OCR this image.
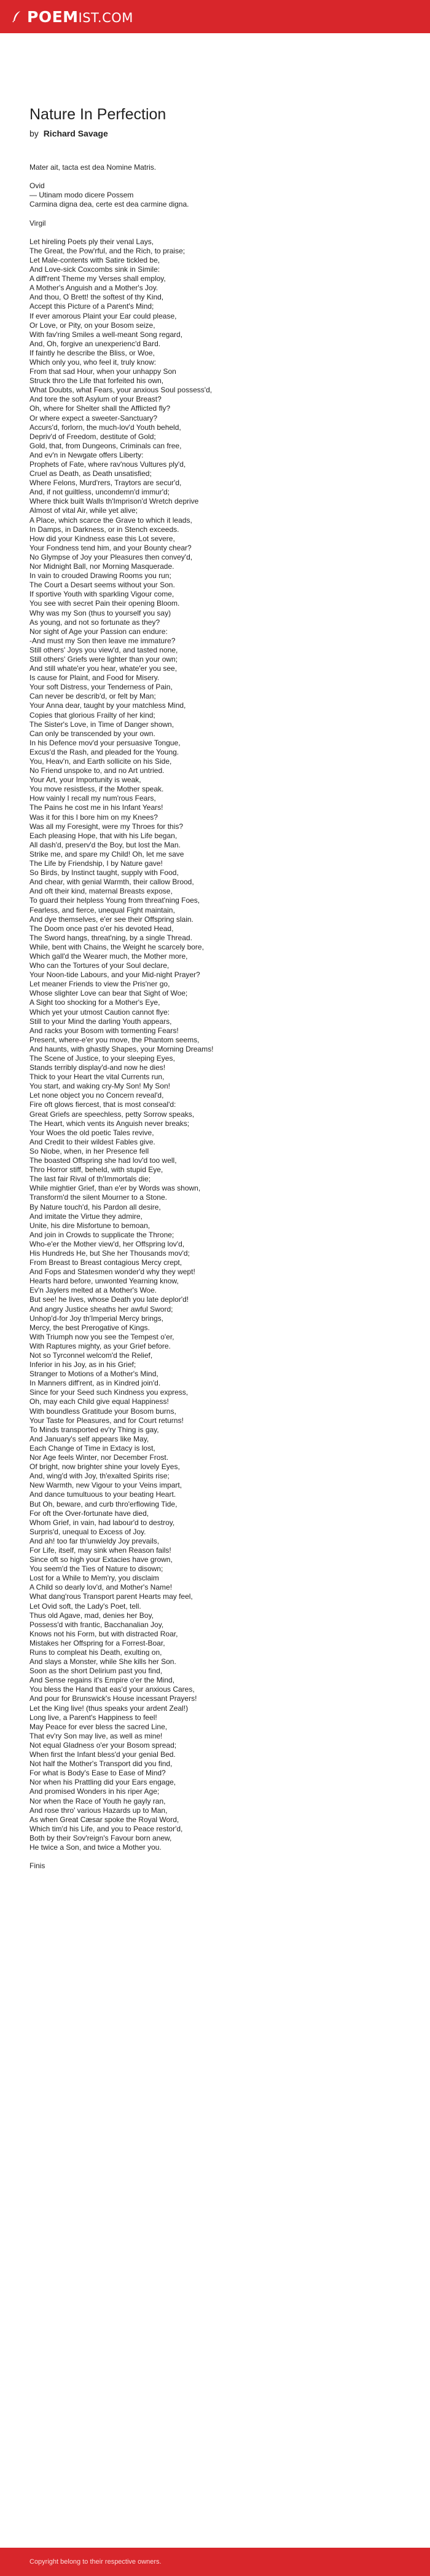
POEMIST.COM
Nature In Perfection
by Richard Savage
Mater ait, tacta est dea Nomine Matris.

Ovid
— Utinam modo dicere Possem
Carmina digna dea, certe est dea carmine digna.

Virgil

Let hireling Poets ply their venal Lays,
The Great, the Pow'rful, and the Rich, to praise;
Let Male-contents with Satire tickled be,
And Love-sick Coxcombs sink in Simile:
A diff'rent Theme my Verses shall employ,
A Mother's Anguish and a Mother's Joy.
And thou, O Brett! the softest of thy Kind,
Accept this Picture of a Parent's Mind;
If ever amorous Plaint your Ear could please,
Or Love, or Pity, on your Bosom seize,
With fav'ring Smiles a well-meant Song regard,
And, Oh, forgive an unexperienc'd Bard.
If faintly he describe the Bliss, or Woe,
Which only you, who feel it, truly know:
From that sad Hour, when your unhappy Son
Struck thro the Life that forfeited his own,
What Doubts, what Fears, your anxious Soul possess'd,
And tore the soft Asylum of your Breast?
Oh, where for Shelter shall the Afflicted fly?
Or where expect a sweeter-Sanctuary?
Accurs'd, forlorn, the much-lov'd Youth beheld,
Depriv'd of Freedom, destitute of Gold;
Gold, that, from Dungeons, Criminals can free,
And ev'n in Newgate offers Liberty:
Prophets of Fate, where rav'nous Vultures ply'd,
Cruel as Death, as Death unsatisfied;
Where Felons, Murd'rers, Traytors are secur'd,
And, if not guiltless, uncondemn'd immur'd;
Where thick built Walls th'Imprison'd Wretch deprive
Almost of vital Air, while yet alive;
A Place, which scarce the Grave to which it leads,
In Damps, in Darkness, or in Stench exceeds.
How did your Kindness ease this Lot severe,
Your Fondness tend him, and your Bounty chear?
No Glympse of Joy your Pleasures then convey'd,
Nor Midnight Ball, nor Morning Masquerade.
In vain to crouded Drawing Rooms you run;
The Court a Desart seems without your Son.
If sportive Youth with sparkling Vigour come,
You see with secret Pain their opening Bloom.
Why was my Son (thus to yourself you say)
As young, and not so fortunate as they?
Nor sight of Age your Passion can endure:
-And must my Son then leave me immature?
Still others' Joys you view'd, and tasted none,
Still others' Griefs were lighter than your own;
And still whate'er you hear, whate'er you see,
Is cause for Plaint, and Food for Misery.
Your soft Distress, your Tenderness of Pain,
Can never be describ'd, or felt by Man;
Your Anna dear, taught by your matchless Mind,
Copies that glorious Frailty of her kind;
The Sister's Love, in Time of Danger shown,
Can only be transcended by your own.
In his Defence mov'd your persuasive Tongue,
Excus'd the Rash, and pleaded for the Young.
You, Heav'n, and Earth sollicite on his Side,
No Friend unspoke to, and no Art untried.
Your Art, your Importunity is weak,
You move resistless, if the Mother speak.
How vainly I recall my num'rous Fears,
The Pains he cost me in his Infant Years!
Was it for this I bore him on my Knees?
Was all my Foresight, were my Throes for this?
Each pleasing Hope, that with his Life began,
All dash'd, preserv'd the Boy, but lost the Man.
Strike me, and spare my Child! Oh, let me save
The Life by Friendship, I by Nature gave!
So Birds, by Instinct taught, supply with Food,
And chear, with genial Warmth, their callow Brood,
And oft their kind, maternal Breasts expose,
To guard their helpless Young from threat'ning Foes,
Fearless, and fierce, unequal Fight maintain,
And dye themselves, e'er see their Offspring slain.
The Doom once past o'er his devoted Head,
The Sword hangs, threat'ning, by a single Thread.
While, bent with Chains, the Weight he scarcely bore,
Which gall'd the Wearer much, the Mother more,
Who can the Tortures of your Soul declare,
Your Noon-tide Labours, and your Mid-night Prayer?
Let meaner Friends to view the Pris'ner go,
Whose slighter Love can bear that Sight of Woe;
A Sight too shocking for a Mother's Eye,
Which yet your utmost Caution cannot flye:
Still to your Mind the darling Youth appears,
And racks your Bosom with tormenting Fears!
Present, where-e'er you move, the Phantom seems,
And haunts, with ghastly Shapes, your Morning Dreams!
The Scene of Justice, to your sleeping Eyes,
Stands terribly display'd-and now he dies!
Thick to your Heart the vital Currents run,
You start, and waking cry-My Son! My Son!
Let none object you no Concern reveal'd,
Fire oft glows fiercest, that is most conseal'd:
Great Griefs are speechless, petty Sorrow speaks,
The Heart, which vents its Anguish never breaks;
Your Woes the old poetic Tales revive,
And Credit to their wildest Fables give.
So Niobe, when, in her Presence fell
The boasted Offspring she had lov'd too well,
Thro Horror stiff, beheld, with stupid Eye,
The last fair Rival of th'Immortals die;
While mightier Grief, than e'er by Words was shown,
Transform'd the silent Mourner to a Stone.
By Nature touch'd, his Pardon all desire,
And imitate the Virtue they admire,
Unite, his dire Misfortune to bemoan,
And join in Crowds to supplicate the Throne;
Who-e'er the Mother view'd, her Offspring lov'd,
His Hundreds He, but She her Thousands mov'd;
From Breast to Breast contagious Mercy crept,
And Fops and Statesmen wonder'd why they wept!
Hearts hard before, unwonted Yearning know,
Ev'n Jaylers melted at a Mother's Woe.
But see! he lives, whose Death you late deplor'd!
And angry Justice sheaths her awful Sword;
Unhop'd-for Joy th'Imperial Mercy brings,
Mercy, the best Prerogative of Kings.
With Triumph now you see the Tempest o'er,
With Raptures mighty, as your Grief before.
Not so Tyrconnel welcom'd the Relief,
Inferior in his Joy, as in his Grief;
Stranger to Motions of a Mother's Mind,
In Manners diff'rent, as in Kindred join'd.
Since for your Seed such Kindness you express,
Oh, may each Child give equal Happiness!
With boundless Gratitude your Bosom burns,
Your Taste for Pleasures, and for Court returns!
To Minds transported ev'ry Thing is gay,
And January's self appears like May,
Each Change of Time in Extacy is lost,
Nor Age feels Winter, nor December Frost.
Of bright, now brighter shine your lovely Eyes,
And, wing'd with Joy, th'exalted Spirits rise;
New Warmth, new Vigour to your Veins impart,
And dance tumultuous to your beating Heart.
But Oh, beware, and curb thro'erflowing Tide,
For oft the Over-fortunate have died,
Whom Grief, in vain, had labour'd to destroy,
Surpris'd, unequal to Excess of Joy.
And ah! too far th'unwieldy Joy prevails,
For Life, itself, may sink when Reason fails!
Since oft so high your Extacies have grown,
You seem'd the Ties of Nature to disown;
Lost for a While to Mem'ry, you disclaim
A Child so dearly lov'd, and Mother's Name!
What dang'rous Transport parent Hearts may feel,
Let Ovid soft, the Lady's Poet, tell.
Thus old Agave, mad, denies her Boy,
Possess'd with frantic, Bacchanalian Joy,
Knows not his Form, but with distracted Roar,
Mistakes her Offspring for a Forrest-Boar,
Runs to compleat his Death, exulting on,
And slays a Monster, while She kills her Son.
Soon as the short Delirium past you find,
And Sense regains it's Empire o'er the Mind,
You bless the Hand that eas'd your anxious Cares,
And pour for Brunswick's House incessant Prayers!
Let the King live! (thus speaks your ardent Zeal!)
Long live, a Parent's Happiness to feel!
May Peace for ever bless the sacred Line,
That ev'ry Son may live, as well as mine!
Not equal Gladness o'er your Bosom spread;
When first the Infant bless'd your genial Bed.
Not half the Mother's Transport did you find,
For what is Body's Ease to Ease of Mind?
Nor when his Prattling did your Ears engage,
And promised Wonders in his riper Age;
Nor when the Race of Youth he gayly ran,
And rose thro' various Hazards up to Man,
As when Great Cæsar spoke the Royal Word,
Which tim'd his Life, and you to Peace restor'd,
Both by their Sov'reign's Favour born anew,
He twice a Son, and twice a Mother you.

Finis
Copyright belong to their respective owners.
